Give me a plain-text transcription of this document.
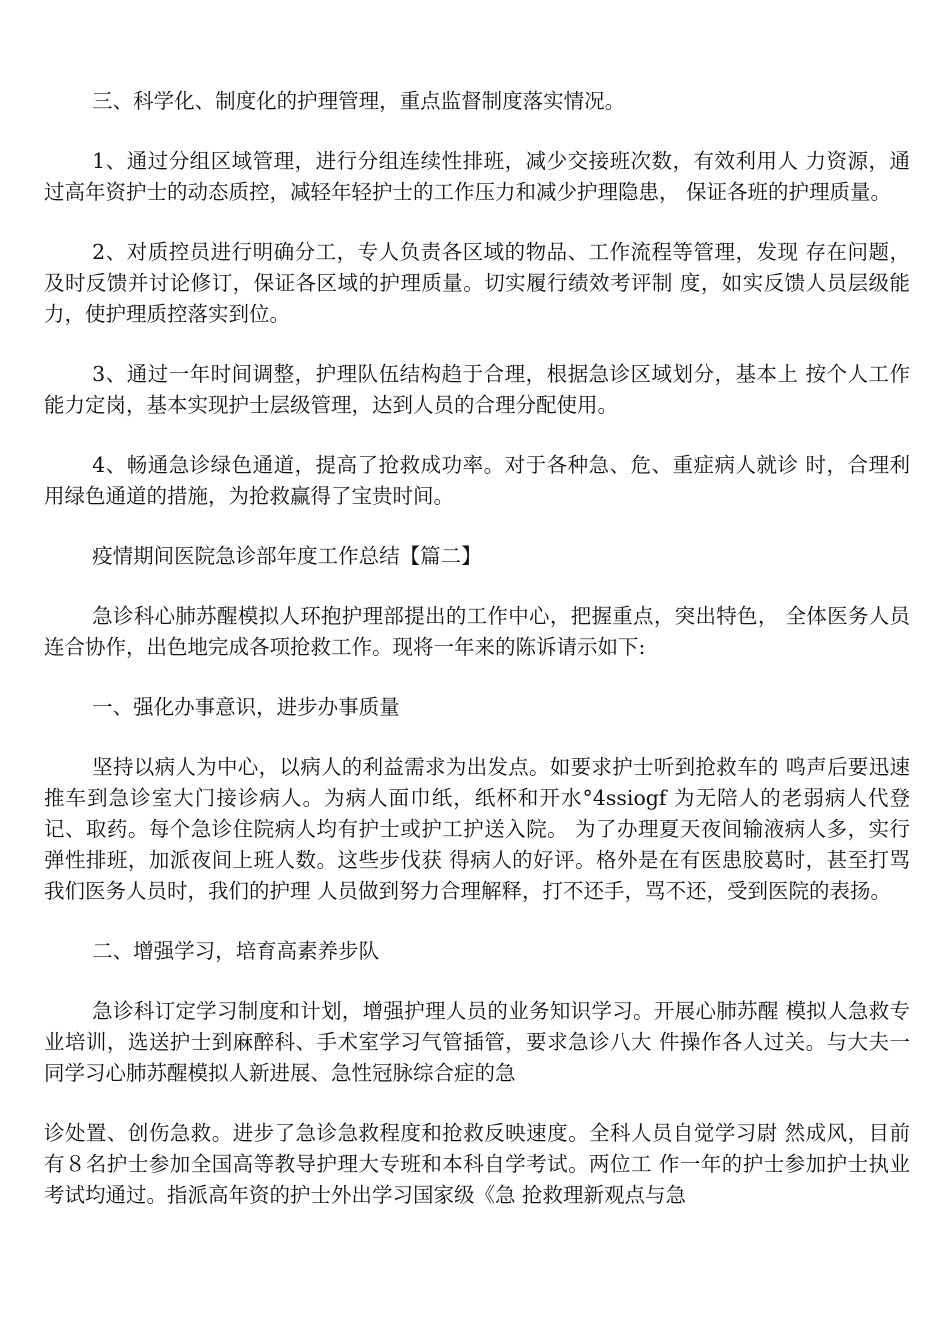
三、科学化、制度化的护理管理，重点监督制度落实情况。

1、通过分组区域管理，进行分组连续性排班，减少交接班次数，有效利用人 力资源，通过高年资护士的动态质控，减轻年轻护士的工作压力和减少护理隐患， 保证各班的护理质量。

2、对质控员进行明确分工，专人负责各区域的物品、工作流程等管理，发现 存在问题，及时反馈并讨论修订，保证各区域的护理质量。切实履行绩效考评制 度，如实反馈人员层级能力，使护理质控落实到位。

3、通过一年时间调整，护理队伍结构趋于合理，根据急诊区域划分，基本上 按个人工作能力定岗，基本实现护士层级管理，达到人员的合理分配使用。

4、畅通急诊绿色通道，提高了抢救成功率。对于各种急、危、重症病人就诊 时，合理利用绿色通道的措施，为抢救赢得了宝贵时间。

疫情期间医院急诊部年度工作总结【篇二】

急诊科心肺苏醒模拟人环抱护理部提出的工作中心，把握重点，突出特色， 全体医务人员连合协作，出色地完成各项抢救工作。现将一年来的陈诉请示如下:

一、强化办事意识，进步办事质量

坚持以病人为中心，以病人的利益需求为出发点。如要求护士听到抢救车的 鸣声后要迅速推车到急诊室大门接诊病人。为病人面巾纸，纸杯和开水°4ssiogf 为无陪人的老弱病人代登记、取药。每个急诊住院病人均有护士或护工护送入院。 为了办理夏天夜间输液病人多，实行弹性排班，加派夜间上班人数。这些步伐获 得病人的好评。格外是在有医患胶葛时，甚至打骂我们医务人员时，我们的护理 人员做到努力合理解释，打不还手，骂不还，受到医院的表扬。

二、增强学习，培育高素养步队

急诊科订定学习制度和计划，增强护理人员的业务知识学习。开展心肺苏醒 模拟人急救专业培训，选送护士到麻醉科、手术室学习气管插管，要求急诊八大 件操作各人过关。与大夫一同学习心肺苏醒模拟人新进展、急性冠脉综合症的急

诊处置、创伤急救。进步了急诊急救程度和抢救反映速度。全科人员自觉学习尉 然成风，目前有８名护士参加全国高等教导护理大专班和本科自学考试。两位工 作一年的护士参加护士执业考试均通过。指派高年资的护士外出学习国家级《急 抢救理新观点与急
